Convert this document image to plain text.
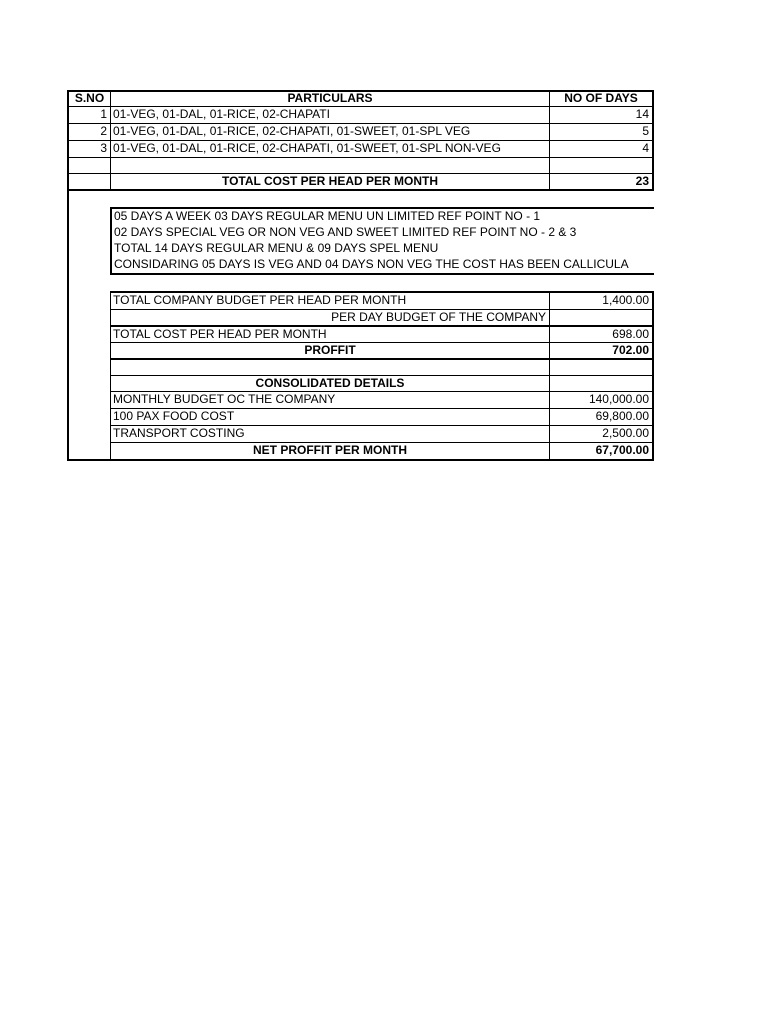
S.NO	PARTICULARS	NO OF DAYS
1 01-VEG, 01-DAL, 01-RICE, 02-CHAPATI	14
2 01-VEG, 01-DAL, 01-RICE, 02-CHAPATI, 01-SWEET, 01-SPL VEG	5
3 01-VEG, 01-DAL, 01-RICE, 02-CHAPATI, 01-SWEET, 01-SPL NON-VEG	4
TOTAL COST PER HEAD PER MONTH	23
05 DAYS A WEEK 03 DAYS REGULAR MENU UN LIMITED REF POINT NO - 1
02 DAYS SPECIAL VEG OR NON VEG AND SWEET LIMITED REF POINT NO - 2 & 3
TOTAL 14 DAYS REGULAR MENU & 09 DAYS SPEL MENU
CONSIDARING 05 DAYS IS VEG AND 04 DAYS NON VEG THE COST HAS BEEN CALLICULA
TOTAL COMPANY BUDGET PER HEAD PER MONTH	1,400.00
PER DAY BUDGET OF THE COMPANY
TOTAL COST PER HEAD PER MONTH	698.00
PROFFIT	702.00
CONSOLIDATED DETAILS
MONTHLY BUDGET OC THE COMPANY	140,000.00
100 PAX FOOD COST	69,800.00
TRANSPORT COSTING	2,500.00
NET PROFFIT PER MONTH	67,700.00
